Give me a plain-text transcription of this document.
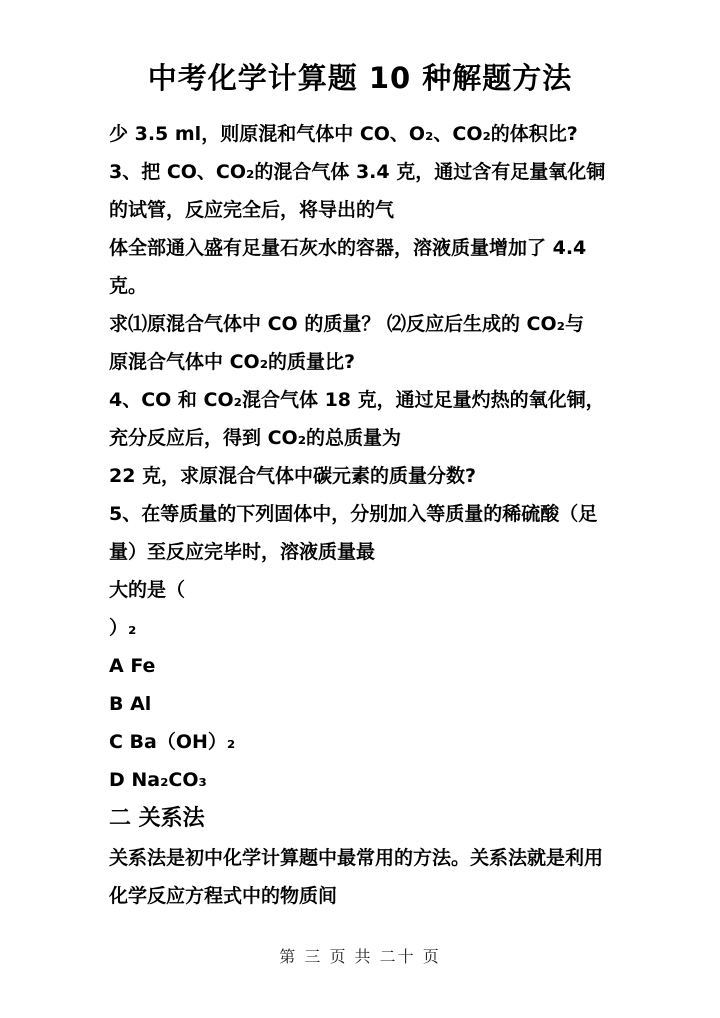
中考化学计算题 10 种解题方法
少 3.5 ml，则原混和气体中 CO、O₂、CO₂的体积比?
3、把 CO、CO₂的混合气体 3.4 克，通过含有足量氧化铜
的试管，反应完全后，将导出的气
体全部通入盛有足量石灰水的容器，溶液质量增加了 4.4
克。
求⑴原混合气体中 CO 的质量？ ⑵反应后生成的 CO₂与
原混合气体中 CO₂的质量比?
4、CO 和 CO₂混合气体 18 克，通过足量灼热的氧化铜，
充分反应后，得到 CO₂的总质量为
22 克，求原混合气体中碳元素的质量分数?
5、在等质量的下列固体中，分别加入等质量的稀硫酸（足
量）至反应完毕时，溶液质量最
大的是（
）₂
A Fe
B Al
C Ba（OH）₂
D Na₂CO₃
二 关系法
关系法是初中化学计算题中最常用的方法。关系法就是利用
化学反应方程式中的物质间
第 三 页 共 二十 页
